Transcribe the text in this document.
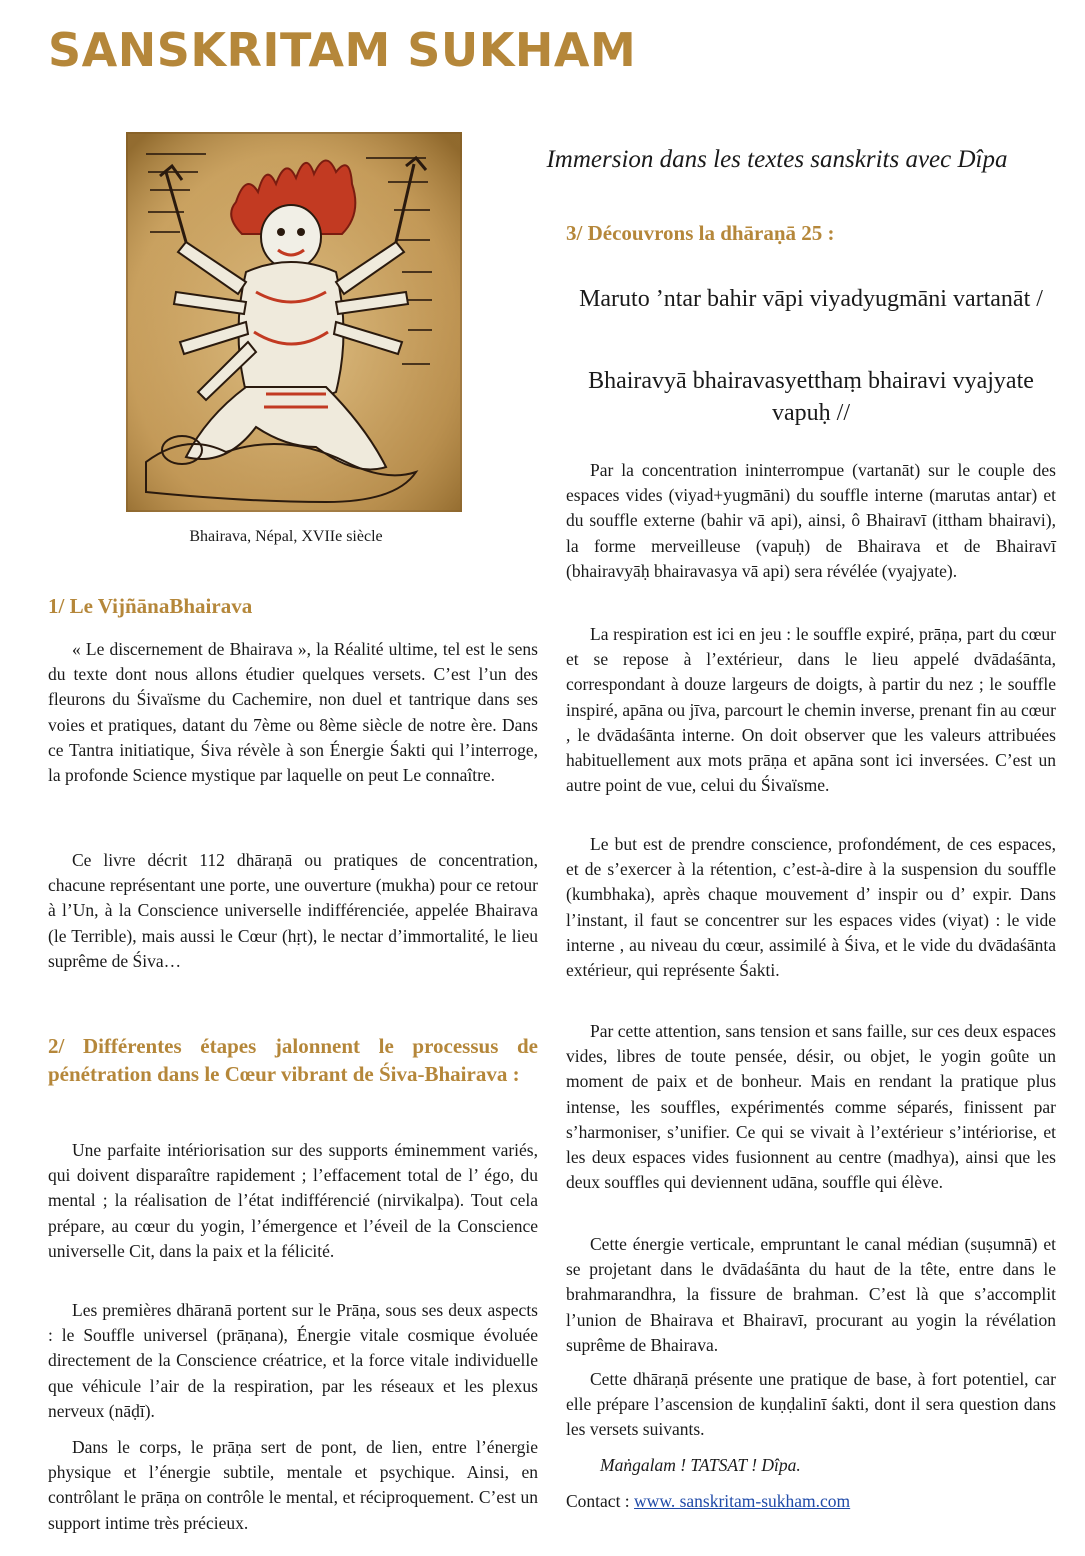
SANSKRITAM SUKHAM
Bhairava, Népal, XVIIe siècle
Immersion dans les textes sanskrits avec Dîpa
3/ Découvrons la dhāraṇā 25 :

Maruto ’ntar bahir vāpi viyadyugmāni vartanāt /

Bhairavyā bhairavasyetthaṃ bhairavi vyajyate vapuḥ //

Par la concentration ininterrompue (vartanāt) sur le couple des espaces vides (viyad+yugmāni) du souffle interne (marutas antar) et du souffle externe (bahir vā api), ainsi, ô Bhairavī (ittham bhairavi), la forme merveilleuse (vapuḥ) de Bhairava et de Bhairavī (bhairavyāḥ bhairavasya vā api) sera révélée (vyajyate).

La respiration est ici en jeu : le souffle expiré, prāṇa, part du cœur et se repose à l’extérieur, dans le lieu appelé dvādaśānta, correspondant à douze largeurs de doigts, à partir du nez ; le souffle inspiré, apāna ou jīva, parcourt le chemin inverse, prenant fin au cœur , le dvādaśānta interne. On doit observer que les valeurs attribuées habituellement aux mots prāṇa et apāna sont ici inversées. C’est un autre point de vue, celui du Śivaïsme.

Le but est de prendre conscience, profondément, de ces espaces, et de s’exercer à la rétention, c’est-à-dire à la suspension du souffle (kumbhaka), après chaque mouvement d’ inspir ou d’ expir. Dans l’instant, il faut se concentrer sur les espaces vides (viyat) : le vide interne , au niveau du cœur, assimilé à Śiva, et le vide du dvādaśānta extérieur, qui représente Śakti.

Par cette attention, sans tension et sans faille, sur ces deux espaces vides, libres de toute pensée, désir, ou objet, le yogin goûte un moment de paix et de bonheur. Mais en rendant la pratique plus intense, les souffles, expérimentés comme séparés, finissent par s’harmoniser, s’unifier. Ce qui se vivait à l’extérieur s’intériorise, et les deux espaces vides fusionnent au centre (madhya), ainsi que les deux souffles qui deviennent udāna, souffle qui élève.

Cette énergie verticale, empruntant le canal médian (suṣumnā) et se projetant dans le dvādaśānta du haut de la tête, entre dans le brahmarandhra, la fissure de brahman. C’est là que s’accomplit l’union de Bhairava et Bhairavī, procurant au yogin la révélation suprême de Bhairava.

Cette dhāraṇā présente une pratique de base, à fort potentiel, car elle prépare l’ascension de kuṇḍalinī śakti, dont il sera question dans les versets suivants.

Maṅgalam ! TATSAT ! Dîpa.
Contact : www. sanskritam-sukham.com
1/ Le VijñānaBhairava

« Le discernement de Bhairava », la Réalité ultime, tel est le sens du texte dont nous allons étudier quelques versets. C’est l’un des fleurons du Śivaïsme du Cachemire, non duel et tantrique dans ses voies et pratiques, datant du 7ème ou 8ème siècle de notre ère. Dans ce Tantra initiatique, Śiva révèle à son Énergie Śakti qui l’interroge, la profonde Science mystique par laquelle on peut Le connaître.

Ce livre décrit 112 dhāraṇā ou pratiques de concentration, chacune représentant une porte, une ouverture (mukha) pour ce retour à l’Un, à la Conscience universelle indifférenciée, appelée Bhairava (le Terrible), mais aussi le Cœur (hṛt), le nectar d’immortalité, le lieu suprême de Śiva…

2/ Différentes étapes jalonnent le processus de pénétration dans le Cœur vibrant de Śiva-Bhairava :

Une parfaite intériorisation sur des supports éminemment variés, qui doivent disparaître rapidement ; l’effacement total de l’ égo, du mental ; la réalisation de l’état indifférencié (nirvikalpa). Tout cela prépare, au cœur du yogin, l’émergence et l’éveil de la Conscience universelle Cit, dans la paix et la félicité.

Les premières dhāranā portent sur le Prāṇa, sous ses deux aspects : le Souffle universel (prāṇana), Énergie vitale cosmique évoluée directement de la Conscience créatrice, et la force vitale individuelle que véhicule l’air de la respiration, par les réseaux et les plexus nerveux (nāḍī).

Dans le corps, le prāṇa sert de pont, de lien, entre l’énergie physique et l’énergie subtile, mentale et psychique. Ainsi, en contrôlant le prāṇa on contrôle le mental, et réciproquement. C’est un support intime très précieux.
